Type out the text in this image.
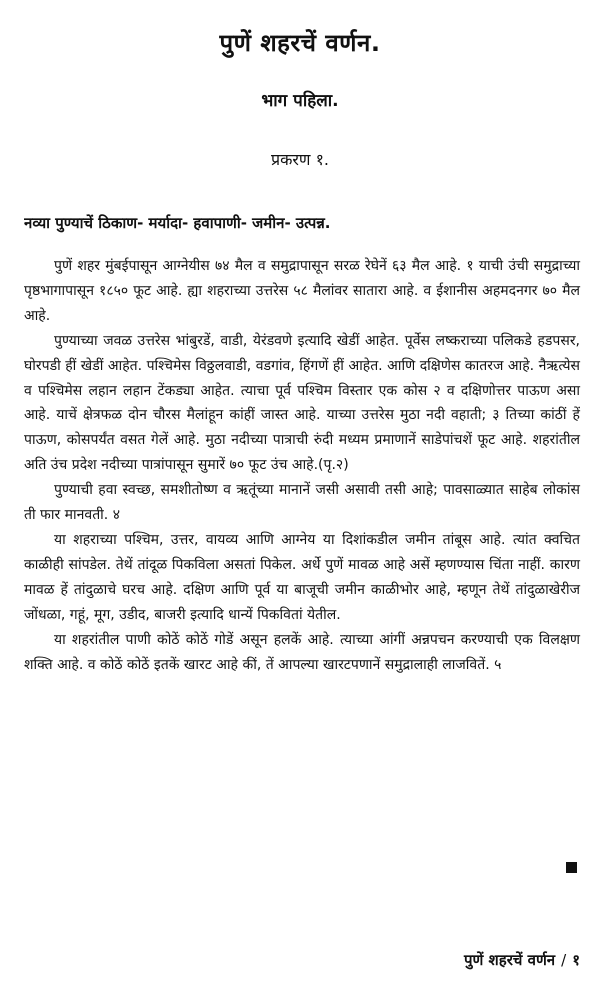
पुणें शहरचें वर्णन.
भाग पहिला.
प्रकरण १.
नव्या पुण्याचें ठिकाण- मर्यादा- हवापाणी- जमीन- उत्पन्न.

पुणें शहर मुंबईपासून आग्नेयीस ७४ मैल व समुद्रापासून सरळ रेघेनें ६३ मैल आहे. १ याची उंची समुद्राच्या पृष्ठभागापासून १८५० फूट आहे. ह्या शहराच्या उत्तरेस ५८ मैलांवर सातारा आहे. व ईशानीस अहमदनगर ७० मैल आहे.

पुण्याच्या जवळ उत्तरेस भांबुरडें, वाडी, येरंडवणे इत्यादि खेडीं आहेत. पूर्वेस लष्कराच्या पलिकडे हडपसर, घोरपडी हीं खेडीं आहेत. पश्चिमेस विठ्ठलवाडी, वडगांव, हिंगणें हीं आहेत. आणि दक्षिणेस कातरज आहे. नैऋत्येस व पश्चिमेस लहान लहान टेंकड्या आहेत. त्याचा पूर्व पश्चिम विस्तार एक कोस २ व दक्षिणोत्तर पाऊण असा आहे. याचें क्षेत्रफळ दोन चौरस मैलांहून कांहीं जास्त आहे. याच्या उत्तरेस मुठा नदी वहाती; ३ तिच्या कांठीं हें पाऊण, कोसपर्यंत वसत गेलें आहे. मुठा नदीच्या पात्राची रुंदी मध्यम प्रमाणानें साडेपांचशें फूट आहे. शहरांतील अति उंच प्रदेश नदीच्या पात्रांपासून सुमारें ७० फूट उंच आहे.(पृ.२)

पुण्याची हवा स्वच्छ, समशीतोष्ण व ऋतूंच्या मानानें जसी असावी तसी आहे; पावसाळ्यात साहेब लोकांस ती फार मानवती. ४

या शहराच्या पश्चिम, उत्तर, वायव्य आणि आग्नेय या दिशांकडील जमीन तांबूस आहे. त्यांत क्वचित काळीही सांपडेल. तेथें तांदूळ पिकविला असतां पिकेल. अर्धे पुणें मावळ आहे असें म्हणण्यास चिंता नाहीं. कारण मावळ हें तांदुळाचे घरच आहे. दक्षिण आणि पूर्व या बाजूची जमीन काळीभोर आहे, म्हणून तेथें तांदुळाखेरीज जोंधळा, गहूं, मूग, उडीद, बाजरी इत्यादि धान्यें पिकवितां येतील.

या शहरांतील पाणी कोठें कोठें गोडें असून हलकें आहे. त्याच्या आंगीं अन्नपचन करण्याची एक विलक्षण शक्ति आहे. व कोठें कोठें इतकें खारट आहे कीं, तें आपल्या खारटपणानें समुद्रालाही लाजवितें. ५

पुणें शहरचें वर्णन / १
